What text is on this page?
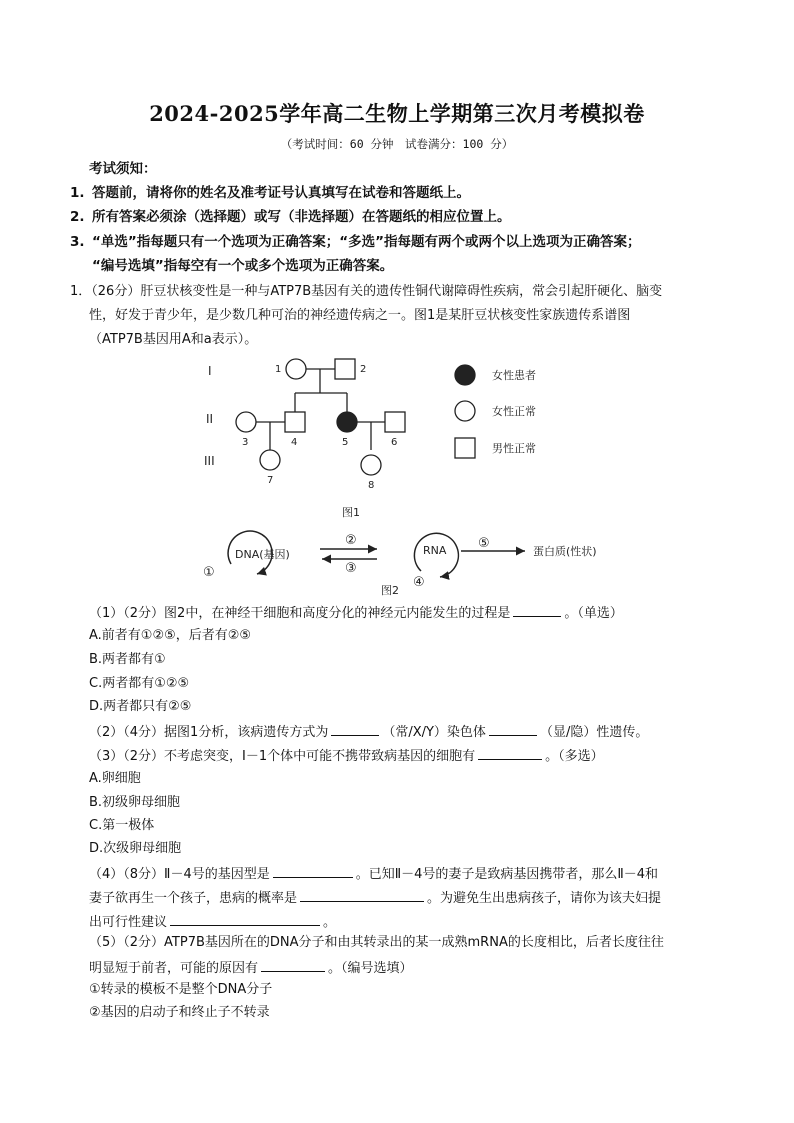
2024-2025学年高二生物上学期第三次月考模拟卷
（考试时间：60 分钟　试卷满分：100 分）
考试须知：
1. 答题前，请将你的姓名及准考证号认真填写在试卷和答题纸上。
2. 所有答案必须涂（选择题）或写（非选择题）在答题纸的相应位置上。
3. “单选”指每题只有一个选项为正确答案；“多选”指每题有两个或两个以上选项为正确答案；
“编号选填”指每空有一个或多个选项为正确答案。
1．（26分）肝豆状核变性是一种与ATP7B基因有关的遗传性铜代谢障碍性疾病，常会引起肝硬化、脑变
性，好发于青少年，是少数几种可治的神经遗传病之一。图1是某肝豆状核变性家族遗传系谱图
（ATP7B基因用A和a表示）。
I
II
III
1	2
3	4	5	6
7	8
女性患者
女性正常
男性正常
图1
DNA(基因)	RNA	蛋白质(性状)
①
②
③
④
⑤
图2
（1）（2分）图2中，在神经干细胞和高度分化的神经元内能发生的过程是	。（单选）
A.前者有①②⑤，后者有②⑤
B.两者都有①
C.两者都有①②⑤
D.两者都只有②⑤
（2）（4分）据图1分析，该病遗传方式为	（常/X/Y）染色体	（显/隐）性遗传。
（3）（2分）不考虑突变，Ⅰ－1个体中可能不携带致病基因的细胞有	。（多选）
A.卵细胞
B.初级卵母细胞
C.第一极体
D.次级卵母细胞
（4）（8分）Ⅱ－4号的基因型是	。已知Ⅱ－4号的妻子是致病基因携带者，那么Ⅱ－4和
妻子欲再生一个孩子，患病的概率是	。为避免生出患病孩子，请你为该夫妇提
出可行性建议	。
（5）（2分）ATP7B基因所在的DNA分子和由其转录出的某一成熟mRNA的长度相比，后者长度往往
明显短于前者，可能的原因有	。（编号选填）
①转录的模板不是整个DNA分子
②基因的启动子和终止子不转录
